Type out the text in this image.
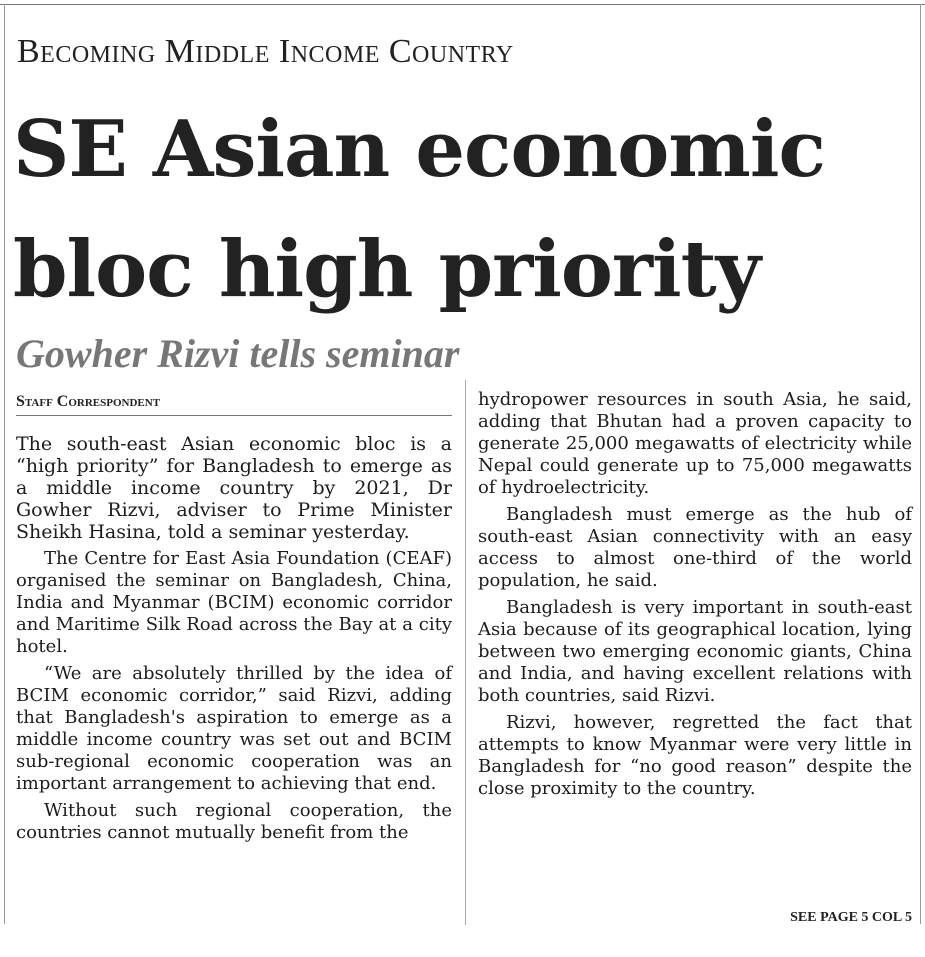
Becoming Middle Income Country
SE Asian economic bloc high priority
Gowher Rizvi tells seminar
Staff Correspondent

The south-east Asian economic bloc is a “high priority” for Bangladesh to emerge as a middle income country by 2021, Dr Gowher Rizvi, adviser to Prime Minister Sheikh Hasina, told a seminar yesterday.

The Centre for East Asia Foundation (CEAF) organised the seminar on Bangladesh, China, India and Myanmar (BCIM) economic corridor and Maritime Silk Road across the Bay at a city hotel.

“We are absolutely thrilled by the idea of BCIM economic corridor,” said Rizvi, adding that Bangladesh's aspiration to emerge as a middle income country was set out and BCIM sub-regional economic cooperation was an important arrangement to achieving that end.

Without such regional cooperation, the countries cannot mutually benefit from the

hydropower resources in south Asia, he said, adding that Bhutan had a proven capacity to generate 25,000 megawatts of electricity while Nepal could generate up to 75,000 megawatts of hydroelectricity.

Bangladesh must emerge as the hub of south-east Asian connectivity with an easy access to almost one-third of the world population, he said.

Bangladesh is very important in south-east Asia because of its geographical location, lying between two emerging economic giants, China and India, and having excellent relations with both countries, said Rizvi.

Rizvi, however, regretted the fact that attempts to know Myanmar were very little in Bangladesh for “no good reason” despite the close proximity to the country.

SEE PAGE 5 COL 5
